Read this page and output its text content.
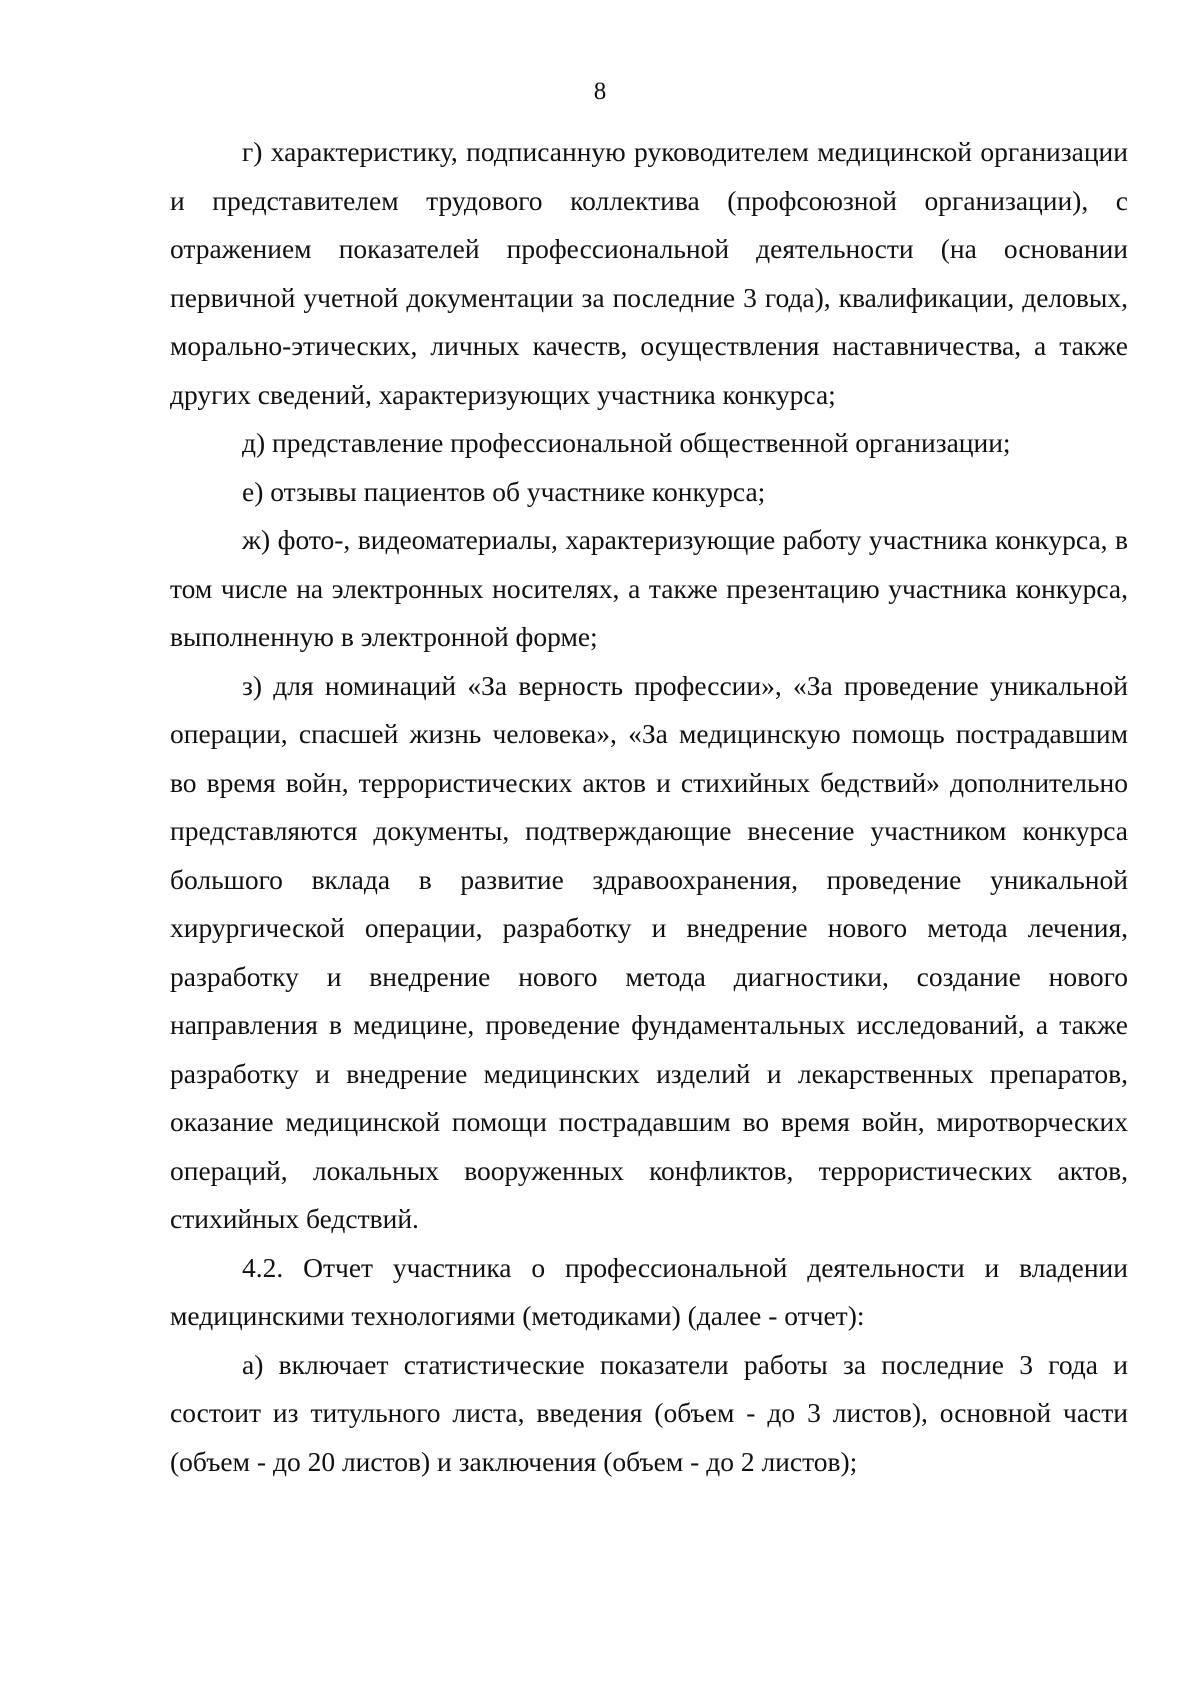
8

г) характеристику, подписанную руководителем медицинской организации и представителем трудового коллектива (профсоюзной организации), с отражением показателей профессиональной деятельности (на основании первичной учетной документации за последние 3 года), квалификации, деловых, морально-этических, личных качеств, осуществления наставничества, а также других сведений, характеризующих участника конкурса;

д) представление профессиональной общественной организации;

е) отзывы пациентов об участнике конкурса;

ж) фото-, видеоматериалы, характеризующие работу участника конкурса, в том числе на электронных носителях, а также презентацию участника конкурса, выполненную в электронной форме;

з) для номинаций «За верность профессии», «За проведение уникальной операции, спасшей жизнь человека», «За медицинскую помощь пострадавшим во время войн, террористических актов и стихийных бедствий» дополнительно представляются документы, подтверждающие внесение участником конкурса большого вклада в развитие здравоохранения, проведение уникальной хирургической операции, разработку и внедрение нового метода лечения, разработку и внедрение нового метода диагностики, создание нового направления в медицине, проведение фундаментальных исследований, а также разработку и внедрение медицинских изделий и лекарственных препаратов, оказание медицинской помощи пострадавшим во время войн, миротворческих операций, локальных вооруженных конфликтов, террористических актов, стихийных бедствий.

4.2. Отчет участника о профессиональной деятельности и владении медицинскими технологиями (методиками) (далее - отчет):

а) включает статистические показатели работы за последние 3 года и состоит из титульного листа, введения (объем - до 3 листов), основной части (объем - до 20 листов) и заключения (объем - до 2 листов);
